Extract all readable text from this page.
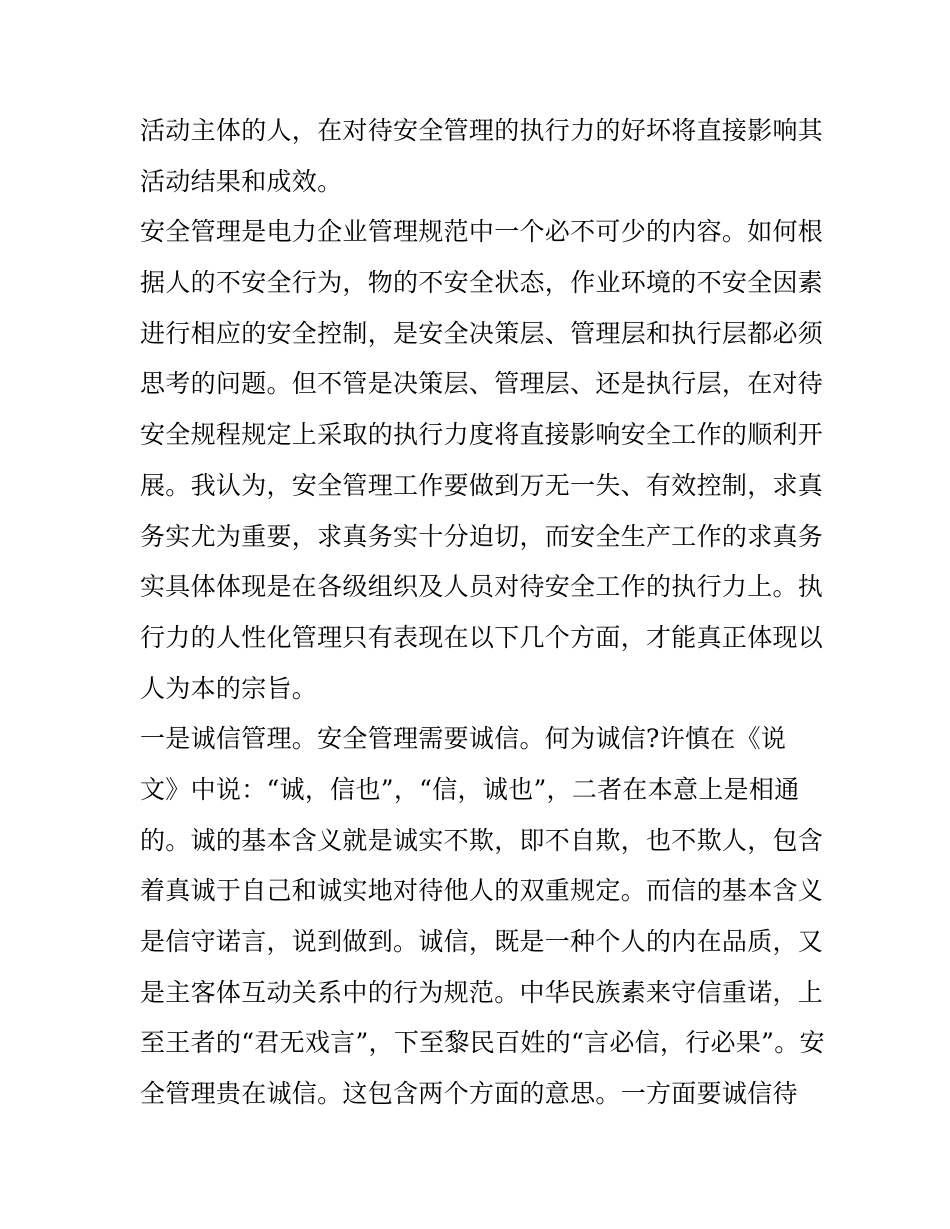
活动主体的人，在对待安全管理的执行力的好坏将直接影响其
活动结果和成效。
安全管理是电力企业管理规范中一个必不可少的内容。如何根
据人的不安全行为，物的不安全状态，作业环境的不安全因素
进行相应的安全控制，是安全决策层、管理层和执行层都必须
思考的问题。但不管是决策层、管理层、还是执行层，在对待
安全规程规定上采取的执行力度将直接影响安全工作的顺利开
展。我认为，安全管理工作要做到万无一失、有效控制，求真
务实尤为重要，求真务实十分迫切，而安全生产工作的求真务
实具体体现是在各级组织及人员对待安全工作的执行力上。执
行力的人性化管理只有表现在以下几个方面，才能真正体现以
人为本的宗旨。
一是诚信管理。安全管理需要诚信。何为诚信?许慎在《说
文》中说：“诚，信也”，“信，诚也”，二者在本意上是相通
的。诚的基本含义就是诚实不欺，即不自欺，也不欺人，包含
着真诚于自己和诚实地对待他人的双重规定。而信的基本含义
是信守诺言，说到做到。诚信，既是一种个人的内在品质，又
是主客体互动关系中的行为规范。中华民族素来守信重诺，上
至王者的“君无戏言”，下至黎民百姓的“言必信，行必果”。安
全管理贵在诚信。这包含两个方面的意思。一方面要诚信待
